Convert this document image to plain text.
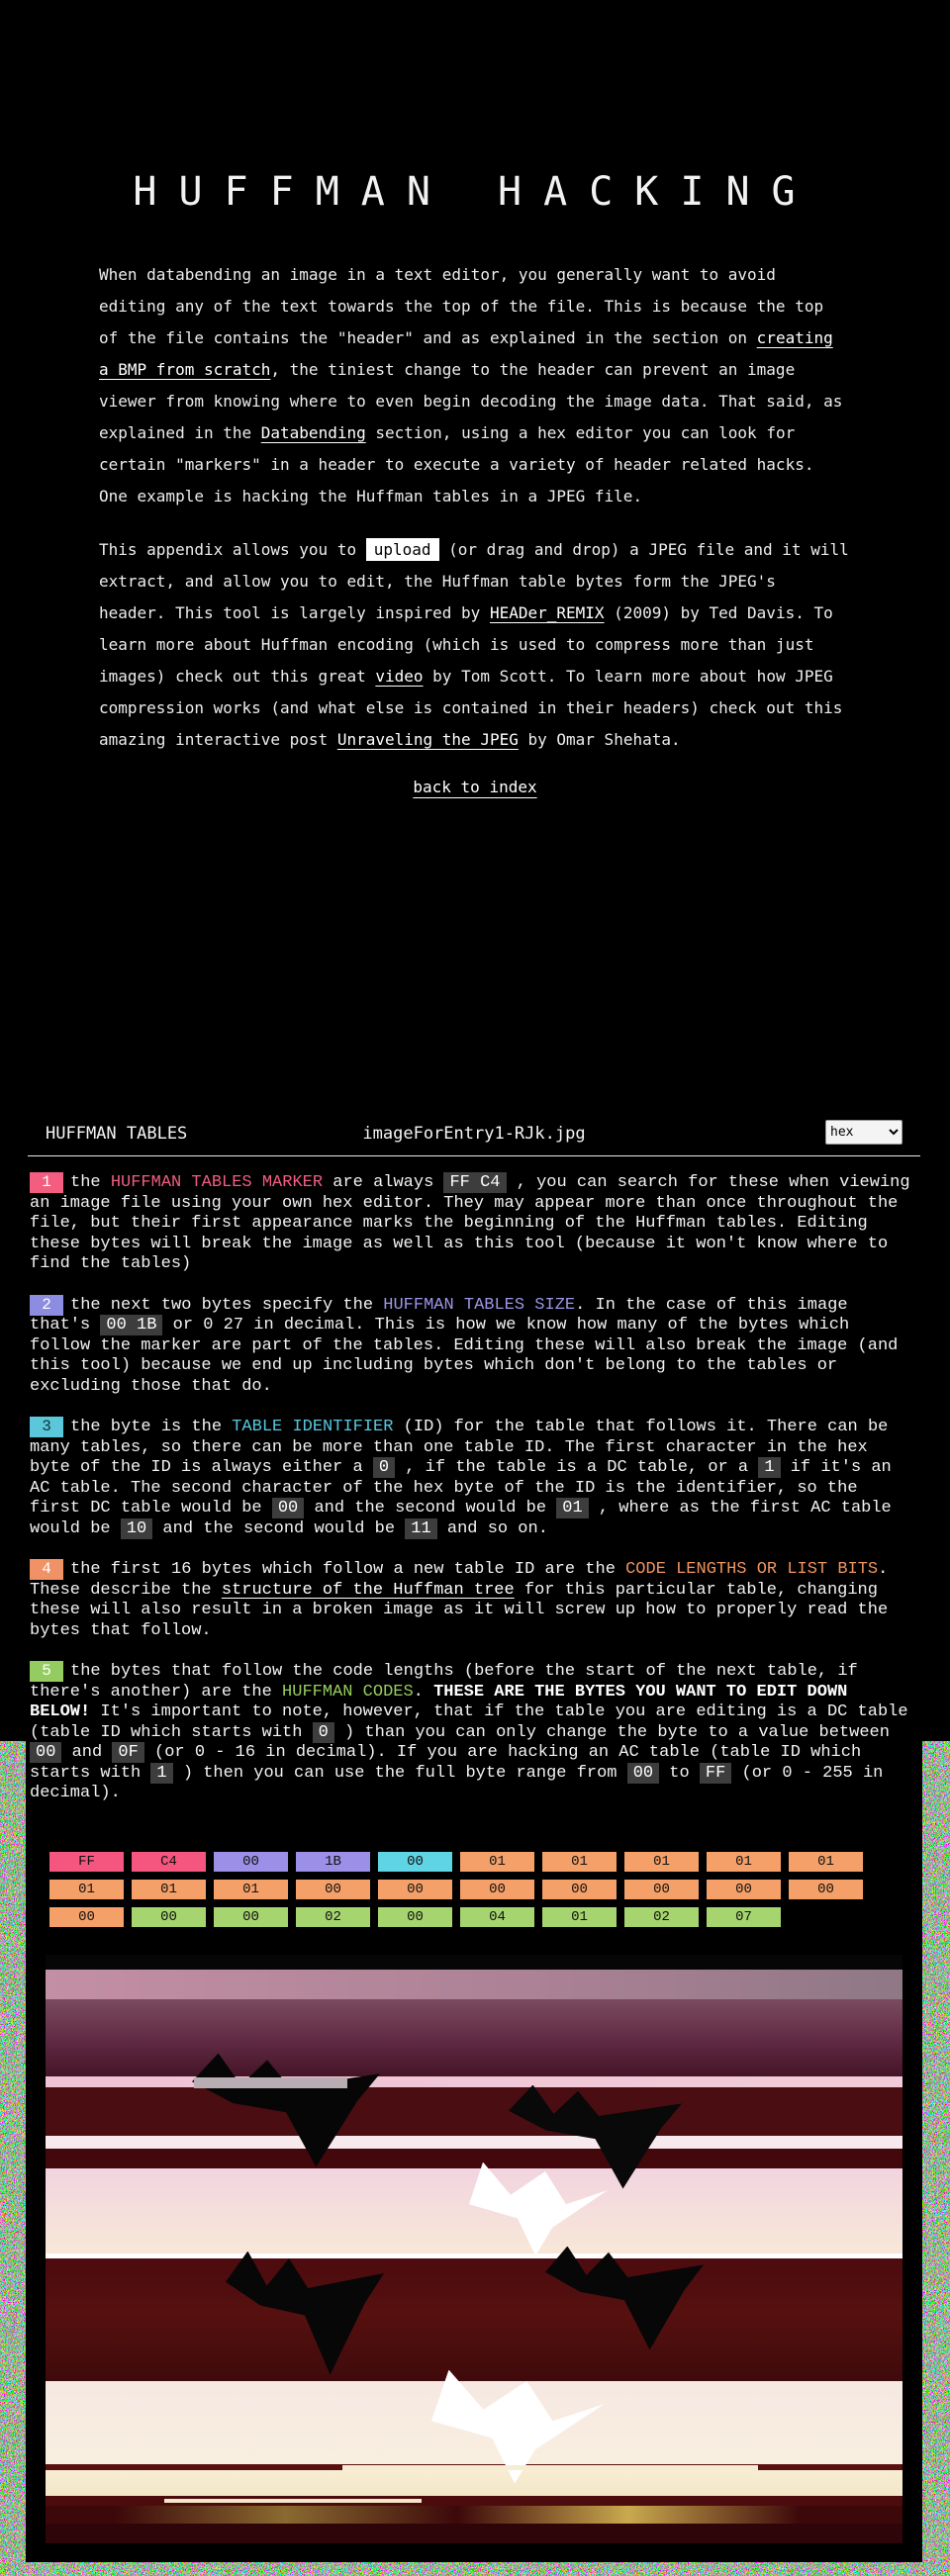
HUFFMAN HACKING

When databending an image in a text editor, you generally want to avoid editing any of the text towards the top of the file. This is because the top of the file contains the "header" and as explained in the section on creating a BMP from scratch, the tiniest change to the header can prevent an image viewer from knowing where to even begin decoding the image data. That said, as explained in the Databending section, using a hex editor you can look for certain "markers" in a header to execute a variety of header related hacks. One example is hacking the Huffman tables in a JPEG file.

This appendix allows you to upload (or drag and drop) a JPEG file and it will extract, and allow you to edit, the Huffman table bytes form the JPEG's header. This tool is largely inspired by HEADer_REMIX (2009) by Ted Davis. To learn more about Huffman encoding (which is used to compress more than just images) check out this great video by Tom Scott. To learn more about how JPEG compression works (and what else is contained in their headers) check out this amazing interactive post Unraveling the JPEG by Omar Shehata.

back to index
HUFFMAN TABLES	imageForEntry1-RJk.jpg
hex

1 the HUFFMAN TABLES MARKER are always FF C4 , you can search for these when viewing an image file using your own hex editor. They may appear more than once throughout the file, but their first appearance marks the beginning of the Huffman tables. Editing these bytes will break the image as well as this tool (because it won't know where to find the tables)

2 the next two bytes specify the HUFFMAN TABLES SIZE. In the case of this image that's 00 1B or 0 27 in decimal. This is how we know how many of the bytes which follow the marker are part of the tables. Editing these will also break the image (and this tool) because we end up including bytes which don't belong to the tables or excluding those that do.

3 the byte is the TABLE IDENTIFIER (ID) for the table that follows it. There can be many tables, so there can be more than one table ID. The first character in the hex byte of the ID is always either a 0 , if the table is a DC table, or a 1 if it's an AC table. The second character of the hex byte of the ID is the identifier, so the first DC table would be 00 and the second would be 01 , where as the first AC table would be 10 and the second would be 11 and so on.

4 the first 16 bytes which follow a new table ID are the CODE LENGTHS OR LIST BITS. These describe the structure of the Huffman tree for this particular table, changing these will also result in a broken image as it will screw up how to properly read the bytes that follow.

5 the bytes that follow the code lengths (before the start of the next table, if there's another) are the HUFFMAN CODES. THESE ARE THE BYTES YOU WANT TO EDIT DOWN BELOW! It's important to note, however, that if the table you are editing is a DC table (table ID which starts with 0 ) than you can only change the byte to a value between 00 and 0F (or 0 - 16 in decimal). If you are hacking an AC table (table ID which starts with 1 ) then you can use the full byte range from 00 to FF (or 0 - 255 in decimal).

FF	C4	00	1B	00	01	01	01	01	01
01	01	01	00	00	00	00	00	00	00
00	00	00	02	00	04	01	02	07
